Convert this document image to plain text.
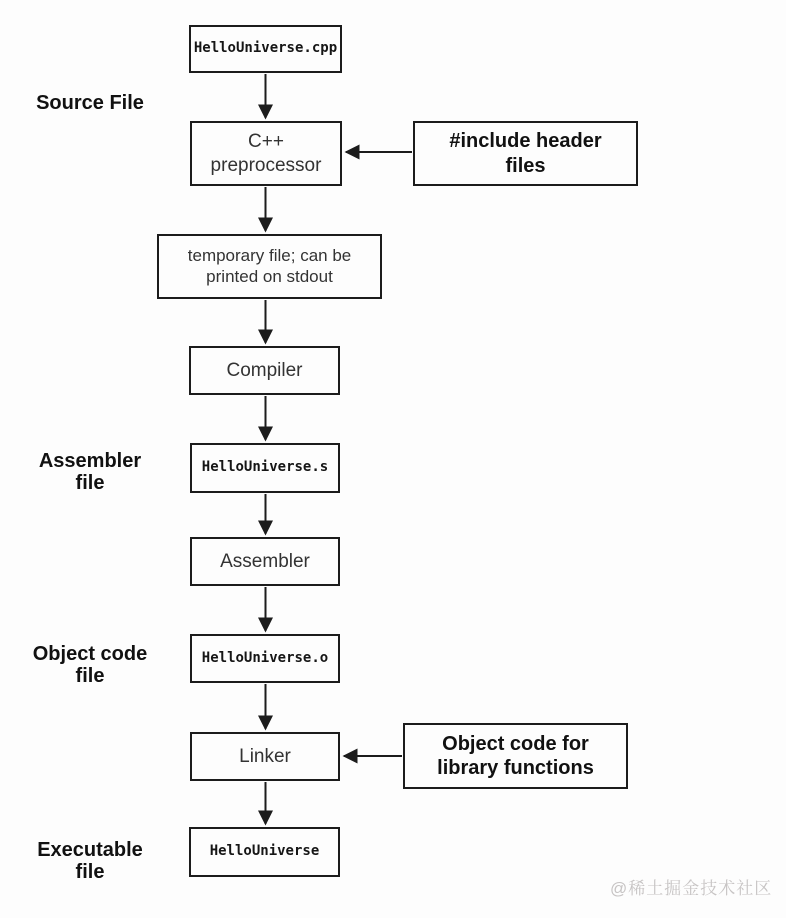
Source File
Assembler
file
Object code
file
Executable
file
HelloUniverse.cpp
C++
preprocessor
temporary file; can be
printed on stdout
Compiler
HelloUniverse.s
Assembler
HelloUniverse.o
Linker
HelloUniverse
#include header
files
Object code for
library functions
@稀土掘金技术社区
